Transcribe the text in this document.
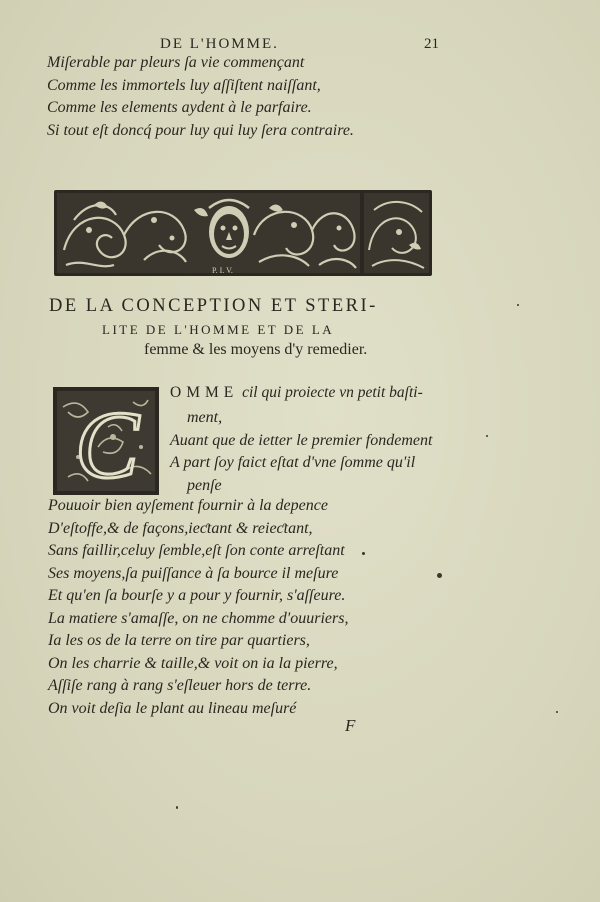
DE L'HOMME.	21

Miſerable par pleurs ſa vie commençant

Comme les immortels luy aſſiſtent naiſſant,

Comme les elements aydent à le parfaire.

Si tout eſt doncq́ pour luy qui luy ſera contraire.

P. I. V.
DE LA CONCEPTION ET STERI-
LITE DE L'HOMME ET DE LA
femme & les moyens d'y remedier.
C OMME cil qui proiecte vn petit baſti-

ment,

Auant que de ietter le premier fondement

A part ſoy faict eſtat d'vne ſomme qu'il

penſe

Pouuoir bien ayſement fournir à la depence

D'eſtoffe,& de façons,ieƈtant & reieƈtant,

Sans faillir,celuy ſemble,eſt ſon conte arreſtant

Ses moyens,ſa puiſſance à ſa bource il meſure

Et qu'en ſa bourſe y a pour y fournir, s'aſſeure.

La matiere s'amaſſe, on ne chomme d'ouuriers,

Ia les os de la terre on tire par quartiers,

On les charrie & taille,& voit on ia la pierre,

Aſſiſe rang à rang s'eſleuer hors de terre.

On voit deſia le plant au lineau meſuré

F
